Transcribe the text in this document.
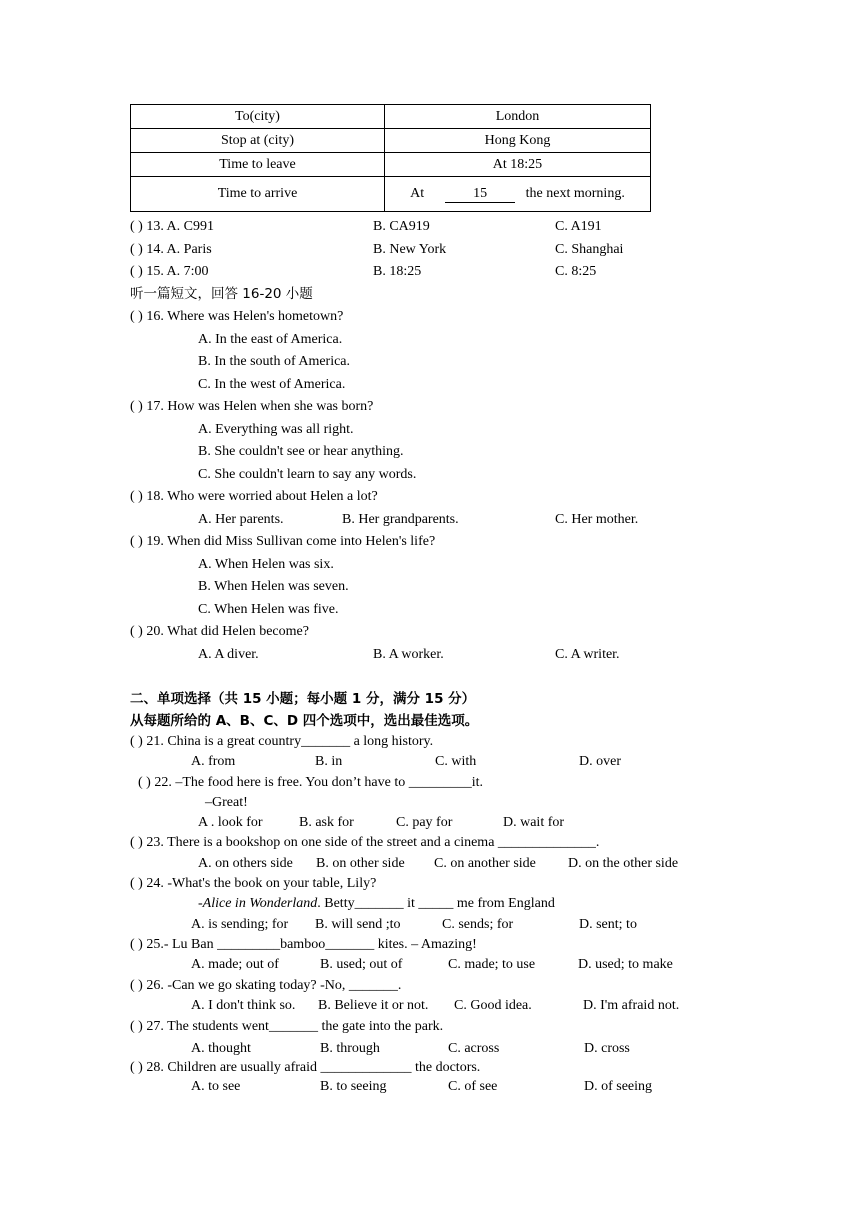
To(city)	London
Stop at (city)	Hong Kong
Time to leave	At 18:25
Time to arrive	At 15 the next morning.
( ) 13. A. C991	B. CA919	C. A191
( ) 14. A. Paris	B. New York	C. Shanghai
( ) 15. A. 7:00	B. 18:25	C. 8:25
听一篇短文，回答 16-20 小题
( ) 16. Where was Helen's hometown?
A. In the east of America.
B. In the south of America.
C. In the west of America.
( ) 17. How was Helen when she was born?
A. Everything was all right.
B. She couldn't see or hear anything.
C. She couldn't learn to say any words.
( ) 18. Who were worried about Helen a lot?
A. Her parents.	B. Her grandparents.	C. Her mother.
( ) 19. When did Miss Sullivan come into Helen's life?
A. When Helen was six.
B. When Helen was seven.
C. When Helen was five.
( ) 20. What did Helen become?
A. A diver.	B. A worker.	C. A writer.
二、单项选择（共 15 小题；每小题 1 分，满分 15 分）
从每题所给的 A、B、C、D 四个选项中，选出最佳选项。
( ) 21. China is a great country_______ a long history.
A. from	B. in	C. with	D. over
( ) 22. –The food here is free. You don’t have to _________it.
–Great!
A . look for	B. ask for	C. pay for	D. wait for
( ) 23. There is a bookshop on one side of the street and a cinema ______________.
A. on others side B. on other side C. on another side D. on the other side
( ) 24. -What's the book on your table, Lily?
-Alice in Wonderland. Betty_______ it _____ me from England
A. is sending; for B. will send ;to	C. sends; for	D. sent; to
( ) 25.- Lu Ban _________bamboo_______ kites. – Amazing!
A. made; out of	B. used; out of	C. made; to use	D. used; to make
( ) 26. -Can we go skating today? -No, _______.
A. I don't think so. B. Believe it or not. C. Good idea.	D. I'm afraid not.
( ) 27. The students went_______ the gate into the park.
A. thought	B. through	C. across	D. cross
( ) 28. Children are usually afraid _____________ the doctors.
A. to see	B. to seeing	C. of see	D. of seeing
